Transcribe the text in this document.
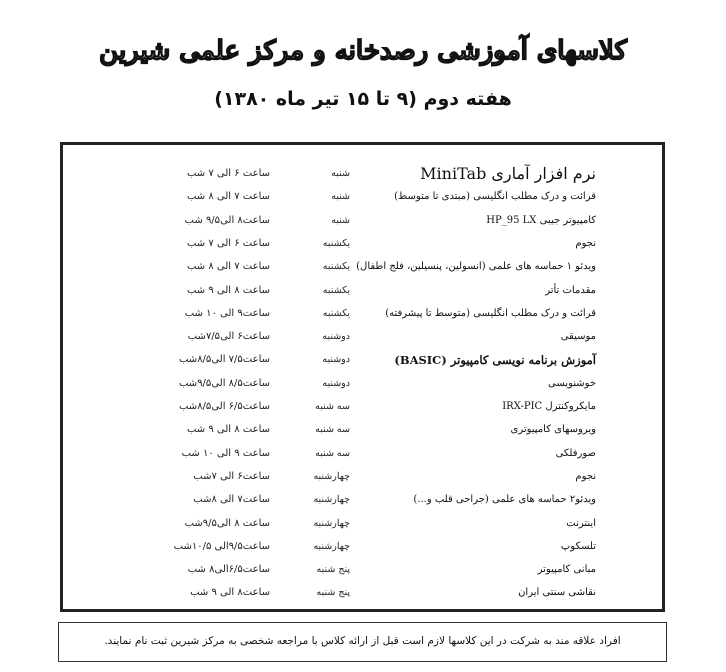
کلاسهای آموزشی رصدخانه و مرکز علمی شیرین
هفته دوم (۹ تا ۱۵ تیر ماه ۱۳۸۰)
نرم افزار آماری MiniTab
شنبه
ساعت ۶ الی ۷ شب
قرائت و درک مطلب انگلیسی (مبتدی تا متوسط)
شنبه
ساعت ۷ الی ۸ شب
کامپیوتر جیبی HP_95 LX
شنبه
ساعت۸ الی۹/۵ شب
نجوم
یکشنبه
ساعت ۶ الی ۷ شب
ویدئو ۱ حماسه های علمی (انسولین، پنسیلین، فلج اطفال)
یکشنبه
ساعت ۷ الی ۸ شب
مقدمات تأتر
یکشنبه
ساعت ۸ الی ۹ شب
قرائت و درک مطلب انگلیسی (متوسط تا پیشرفته)
یکشنبه
ساعت۹ الی ۱۰ شب
موسیقی
دوشنبه
ساعت۶ الی۷/۵شب
آموزش برنامه نویسی کامپیوتر (BASIC)
دوشنبه
ساعت۷/۵ الی۸/۵شب
خوشنویسی
دوشنبه
ساعت۸/۵ الی۹/۵شب
مایکروکنترل IRX-PIC
سه شنبه
ساعت۶/۵ الی۸/۵شب
ویروسهای کامپیوتری
سه شنبه
ساعت ۸ الی ۹ شب
صورفلکی
سه شنبه
ساعت ۹ الی ۱۰ شب
نجوم
چهارشنبه
ساعت۶ الی ۷شب
ویدئو۲ حماسه های علمی (جراحی قلب و...)
چهارشنبه
ساعت۷ الی ۸شب
اینترنت
چهارشنبه
ساعت ۸ الی۹/۵شب
تلسکوپ
چهارشنبه
ساعت۹/۵الی ۱۰/۵شب
مبانی کامپیوتر
پنج شنبه
ساعت۶/۵الی۸ شب
نقاشی سنتی ایران
پنج شنبه
ساعت۸ الی ۹ شب
افراد علاقه مند به شرکت در این کلاسها لازم است قبل از ارائه کلاس با مراجعه شخصی به مرکز شیرین ثبت نام نمایند.
